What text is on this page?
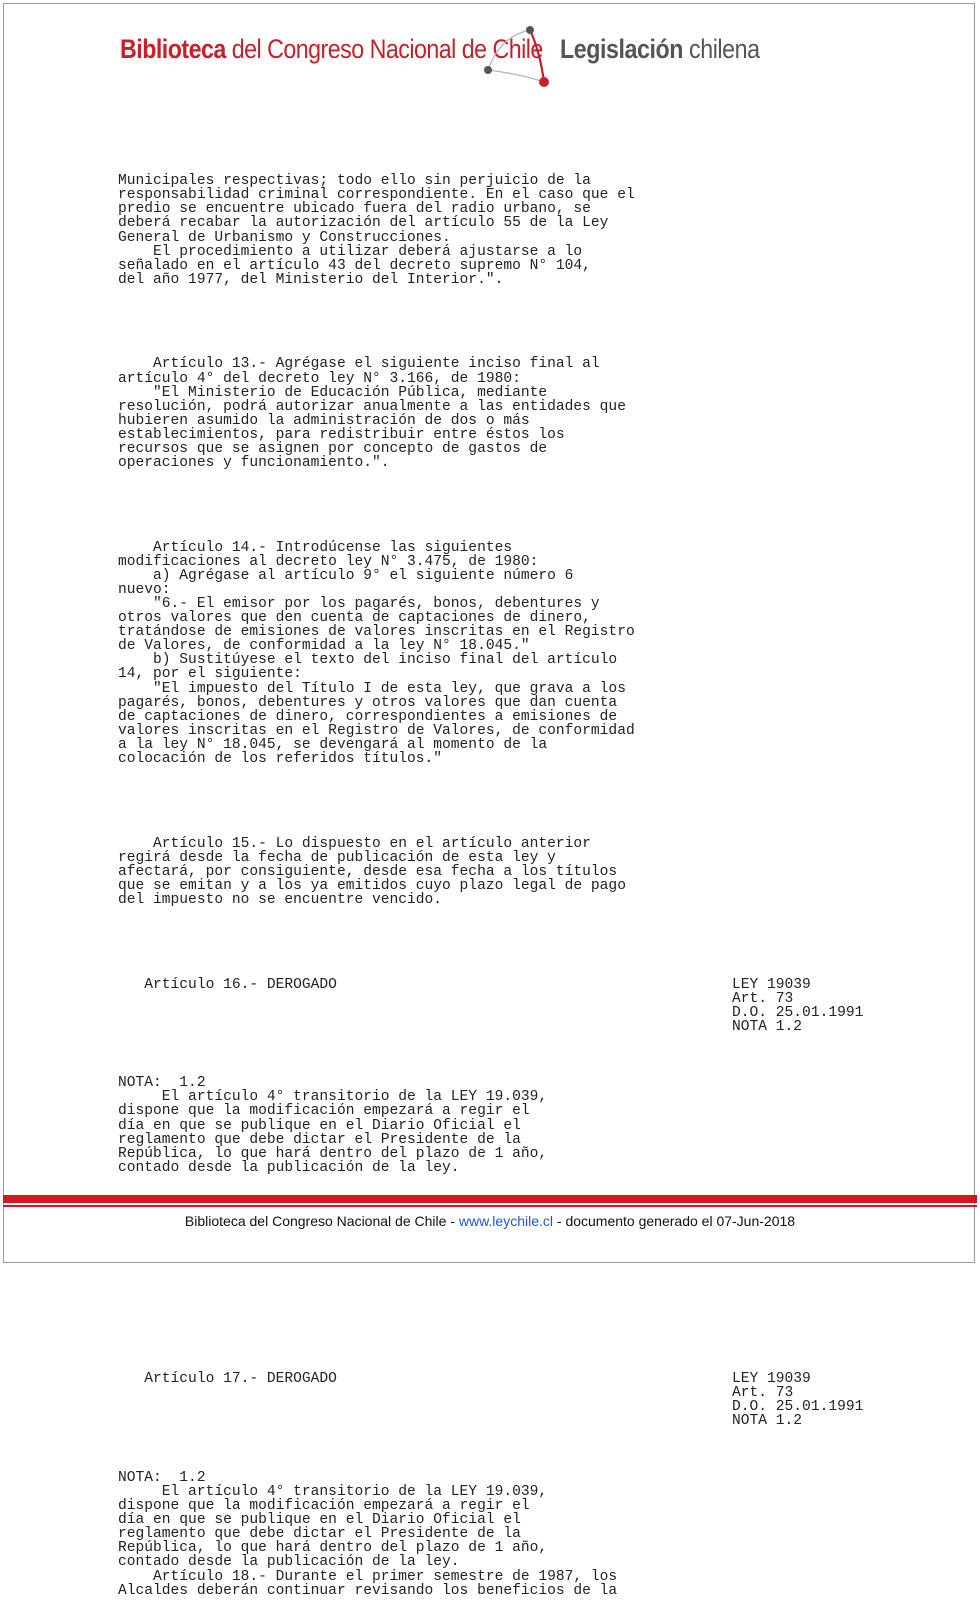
Biblioteca del Congreso Nacional de Chile Legislación chilena

Municipales respectivas; todo ello sin perjuicio de la
responsabilidad criminal correspondiente. En el caso que el
predio se encuentre ubicado fuera del radio urbano, se
deberá recabar la autorización del artículo 55 de la Ley
General de Urbanismo y Construcciones.
El procedimiento a utilizar deberá ajustarse a lo
señalado en el artículo 43 del decreto supremo N° 104,
del año 1977, del Ministerio del Interior.".

Artículo 13.- Agrégase el siguiente inciso final al
artículo 4° del decreto ley N° 3.166, de 1980:
"El Ministerio de Educación Pública, mediante
resolución, podrá autorizar anualmente a las entidades que
hubieren asumido la administración de dos o más
establecimientos, para redistribuir entre éstos los
recursos que se asignen por concepto de gastos de
operaciones y funcionamiento.".

Artículo 14.- Introdúcense las siguientes
modificaciones al decreto ley N° 3.475, de 1980:
a) Agrégase al artículo 9° el siguiente número 6
nuevo:
"6.- El emisor por los pagarés, bonos, debentures y
otros valores que den cuenta de captaciones de dinero,
tratándose de emisiones de valores inscritas en el Registro
de Valores, de conformidad a la ley N° 18.045."
b) Sustitúyese el texto del inciso final del artículo
14, por el siguiente:
"El impuesto del Título I de esta ley, que grava a los
pagarés, bonos, debentures y otros valores que dan cuenta
de captaciones de dinero, correspondientes a emisiones de
valores inscritas en el Registro de Valores, de conformidad
a la ley N° 18.045, se devengará al momento de la
colocación de los referidos títulos."

Artículo 15.- Lo dispuesto en el artículo anterior
regirá desde la fecha de publicación de esta ley y
afectará, por consiguiente, desde esa fecha a los títulos
que se emitan y a los ya emitidos cuyo plazo legal de pago
del impuesto no se encuentre vencido.

Artículo 16.- DEROGADO

	LEY 19039
Art. 73
D.O. 25.01.1991
NOTA 1.2

NOTA:  1.2
El artículo 4° transitorio de la LEY 19.039,
dispone que la modificación empezará a regir el
día en que se publique en el Diario Oficial el
reglamento que debe dictar el Presidente de la
República, lo que hará dentro del plazo de 1 año,
contado desde la publicación de la ley.

Artículo 17.- DEROGADO

	LEY 19039
Art. 73
D.O. 25.01.1991
NOTA 1.2

NOTA:  1.2
El artículo 4° transitorio de la LEY 19.039,
dispone que la modificación empezará a regir el
día en que se publique en el Diario Oficial el
reglamento que debe dictar el Presidente de la
República, lo que hará dentro del plazo de 1 año,
contado desde la publicación de la ley.
Artículo 18.- Durante el primer semestre de 1987, los
Alcaldes deberán continuar revisando los beneficios de la

Biblioteca del Congreso Nacional de Chile - www.leychile.cl - documento generado el 07-Jun-2018
